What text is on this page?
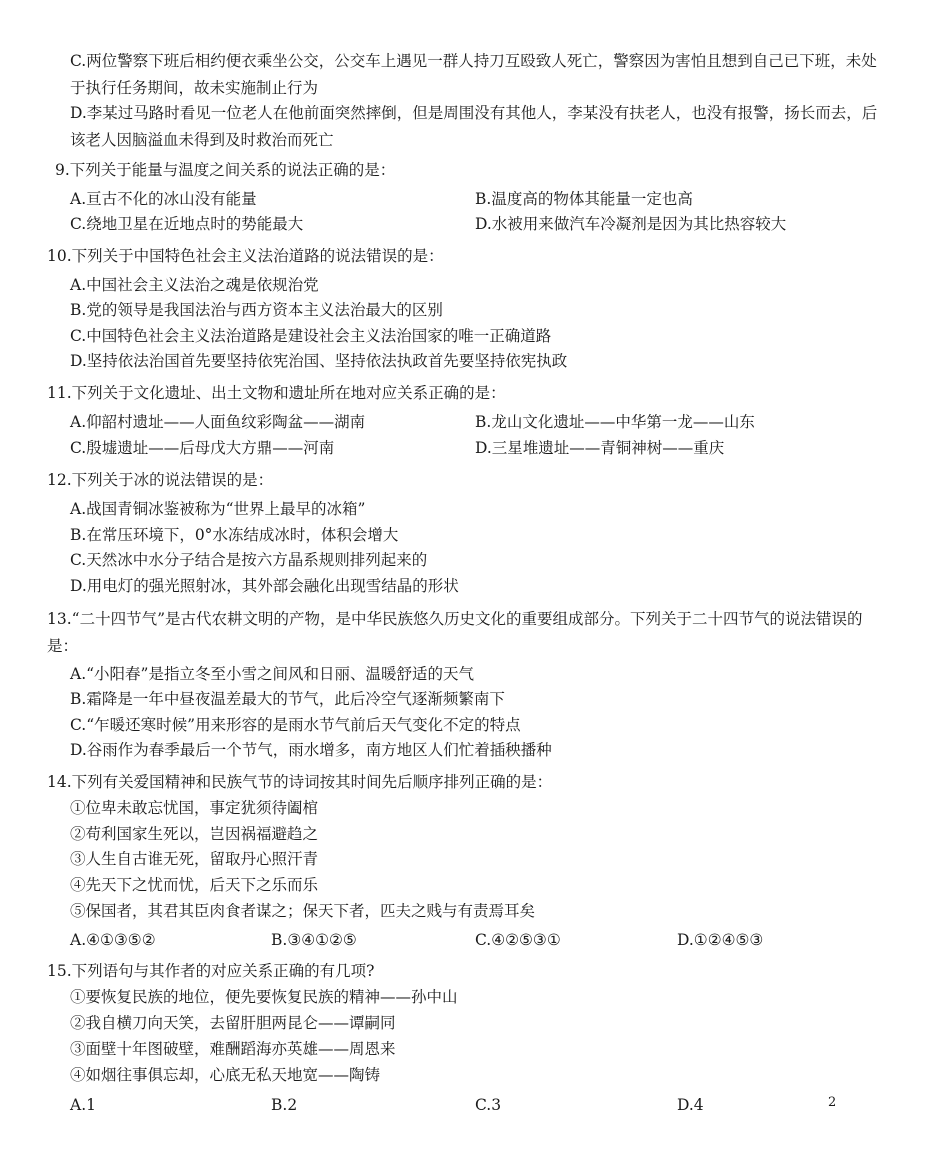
C.两位警察下班后相约便衣乘坐公交，公交车上遇见一群人持刀互殴致人死亡，警察因为害怕且想到自己已下班，未处于执行任务期间，故未实施制止行为
D.李某过马路时看见一位老人在他前面突然摔倒，但是周围没有其他人，李某没有扶老人，也没有报警，扬长而去，后该老人因脑溢血未得到及时救治而死亡
9.下列关于能量与温度之间关系的说法正确的是：
A.亘古不化的冰山没有能量	B.温度高的物体其能量一定也高
C.绕地卫星在近地点时的势能最大	D.水被用来做汽车冷凝剂是因为其比热容较大
10.下列关于中国特色社会主义法治道路的说法错误的是：
A.中国社会主义法治之魂是依规治党
B.党的领导是我国法治与西方资本主义法治最大的区别
C.中国特色社会主义法治道路是建设社会主义法治国家的唯一正确道路
D.坚持依法治国首先要坚持依宪治国、坚持依法执政首先要坚持依宪执政
11.下列关于文化遗址、出土文物和遗址所在地对应关系正确的是：
A.仰韶村遗址——人面鱼纹彩陶盆——湖南	B.龙山文化遗址——中华第一龙——山东
C.殷墟遗址——后母戊大方鼎——河南	D.三星堆遗址——青铜神树——重庆
12.下列关于冰的说法错误的是：
A.战国青铜冰鉴被称为“世界上最早的冰箱”
B.在常压环境下，0°水冻结成冰时，体积会增大
C.天然冰中水分子结合是按六方晶系规则排列起来的
D.用电灯的强光照射冰，其外部会融化出现雪结晶的形状
13.“二十四节气”是古代农耕文明的产物，是中华民族悠久历史文化的重要组成部分。下列关于二十四节气的说法错误的是：
A.“小阳春”是指立冬至小雪之间风和日丽、温暖舒适的天气
B.霜降是一年中昼夜温差最大的节气，此后冷空气逐渐频繁南下
C.“乍暖还寒时候”用来形容的是雨水节气前后天气变化不定的特点
D.谷雨作为春季最后一个节气，雨水增多，南方地区人们忙着插秧播种
14.下列有关爱国精神和民族气节的诗词按其时间先后顺序排列正确的是：
①位卑未敢忘忧国，事定犹须待阖棺
②苟利国家生死以，岂因祸福避趋之
③人生自古谁无死，留取丹心照汗青
④先天下之忧而忧，后天下之乐而乐
⑤保国者，其君其臣肉食者谋之；保天下者，匹夫之贱与有责焉耳矣
A.④①③⑤②	B.③④①②⑤	C.④②⑤③①	D.①②④⑤③
15.下列语句与其作者的对应关系正确的有几项?
①要恢复民族的地位，便先要恢复民族的精神——孙中山
②我自横刀向天笑，去留肝胆两昆仑——谭嗣同
③面壁十年图破壁，难酬蹈海亦英雄——周恩来
④如烟往事俱忘却，心底无私天地宽——陶铸
A.1	B.2	C.3	D.4	2
